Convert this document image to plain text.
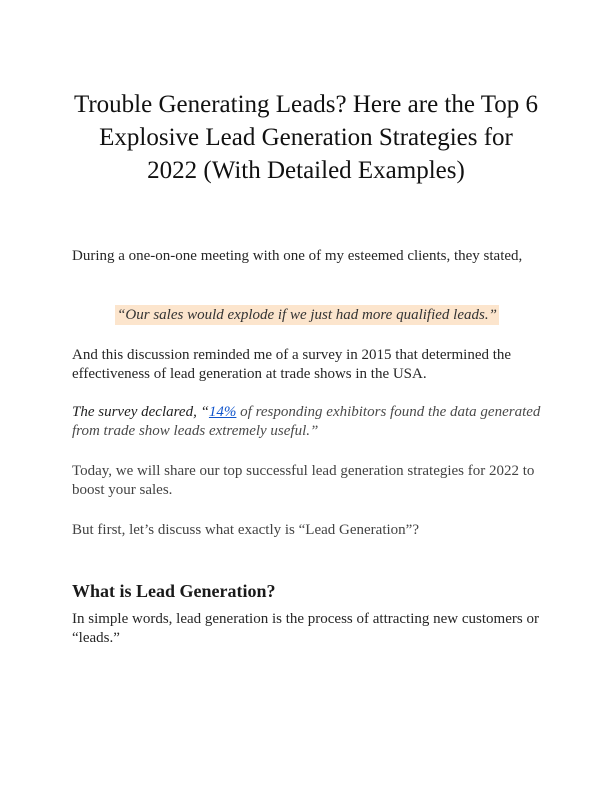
Trouble Generating Leads? Here are the Top 6 Explosive Lead Generation Strategies for 2022 (With Detailed Examples)

During a one-on-one meeting with one of my esteemed clients, they stated,

“Our sales would explode if we just had more qualified leads.”

And this discussion reminded me of a survey in 2015 that determined the effectiveness of lead generation at trade shows in the USA.

The survey declared, “14% of responding exhibitors found the data generated from trade show leads extremely useful.”

Today, we will share our top successful lead generation strategies for 2022 to boost your sales.

But first, let’s discuss what exactly is “Lead Generation”?

What is Lead Generation?

In simple words, lead generation is the process of attracting new customers or “leads.”
